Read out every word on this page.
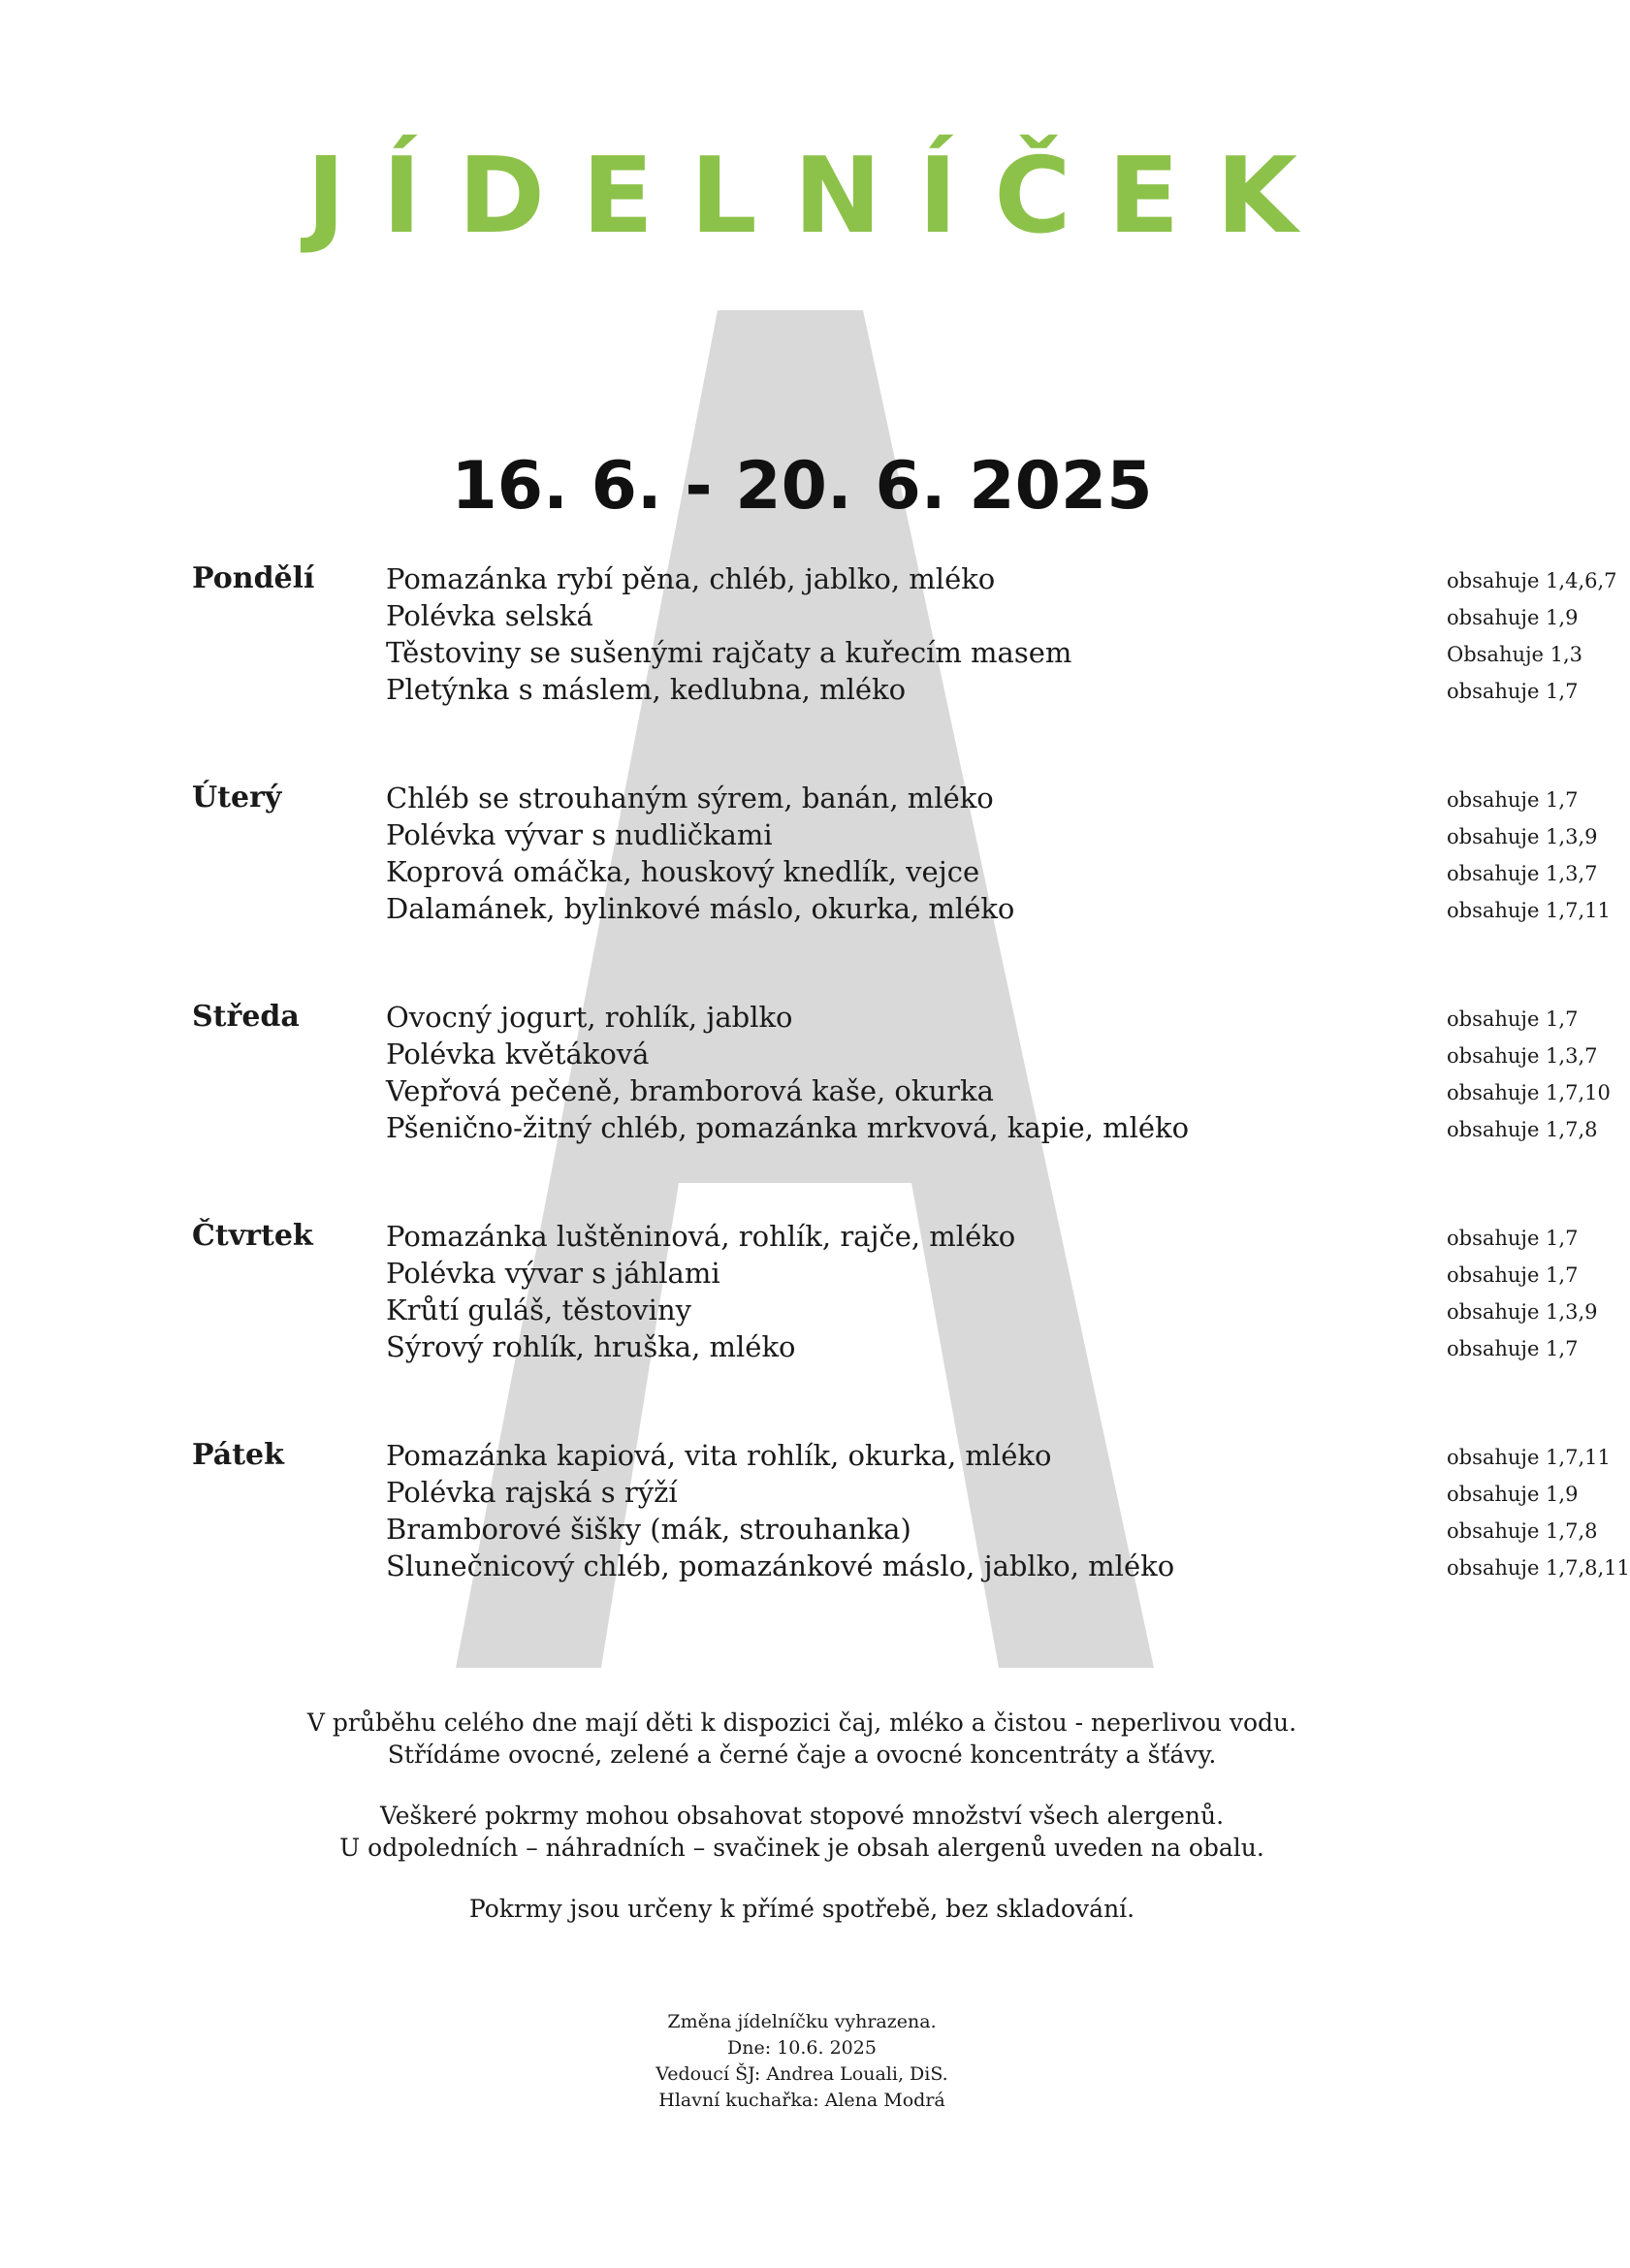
JÍDELNÍČEK
16. 6. - 20. 6. 2025
Pondělí	Pomazánka rybí pěna, chléb, jablko, mléko	obsahuje 1,4,6,7
Polévka selská	obsahuje 1,9
Těstoviny se sušenými rajčaty a kuřecím masem	Obsahuje 1,3
Pletýnka s máslem, kedlubna, mléko	obsahuje 1,7
Úterý	Chléb se strouhaným sýrem, banán, mléko	obsahuje 1,7
Polévka vývar s nudličkami	obsahuje 1,3,9
Koprová omáčka, houskový knedlík, vejce	obsahuje 1,3,7
Dalamánek, bylinkové máslo, okurka, mléko	obsahuje 1,7,11
Středa	Ovocný jogurt, rohlík, jablko	obsahuje 1,7
Polévka květáková	obsahuje 1,3,7
Vepřová pečeně, bramborová kaše, okurka	obsahuje 1,7,10
Pšeničnо-žitný chléb, pomazánka mrkvová, kapie, mléko	obsahuje 1,7,8
Čtvrtek	Pomazánka luštěninová, rohlík, rajče, mléko	obsahuje 1,7
Polévka vývar s jáhlami	obsahuje 1,7
Krůtí guláš, těstoviny	obsahuje 1,3,9
Sýrový rohlík, hruška, mléko	obsahuje 1,7
Pátek	Pomazánka kapiová, vita rohlík, okurka, mléko	obsahuje 1,7,11
Polévka rajská s rýží	obsahuje 1,9
Bramborové šišky (mák, strouhanka)	obsahuje 1,7,8
Slunečnicový chléb, pomazánkové máslo, jablko, mléko	obsahuje 1,7,8,11
V průběhu celého dne mají děti k dispozici čaj, mléko a čistou - neperlivou vodu.
Střídáme ovocné, zelené a černé čaje a ovocné koncentráty a šťávy.
Veškeré pokrmy mohou obsahovat stopové množství všech alergenů.
U odpoledních – náhradních – svačinek je obsah alergenů uveden na obalu.
Pokrmy jsou určeny k přímé spotřebě, bez skladování.
Změna jídelníčku vyhrazena.
Dne: 10.6. 2025
Vedoucí ŠJ: Andrea Louali, DiS.
Hlavní kuchařka: Alena Modrá
